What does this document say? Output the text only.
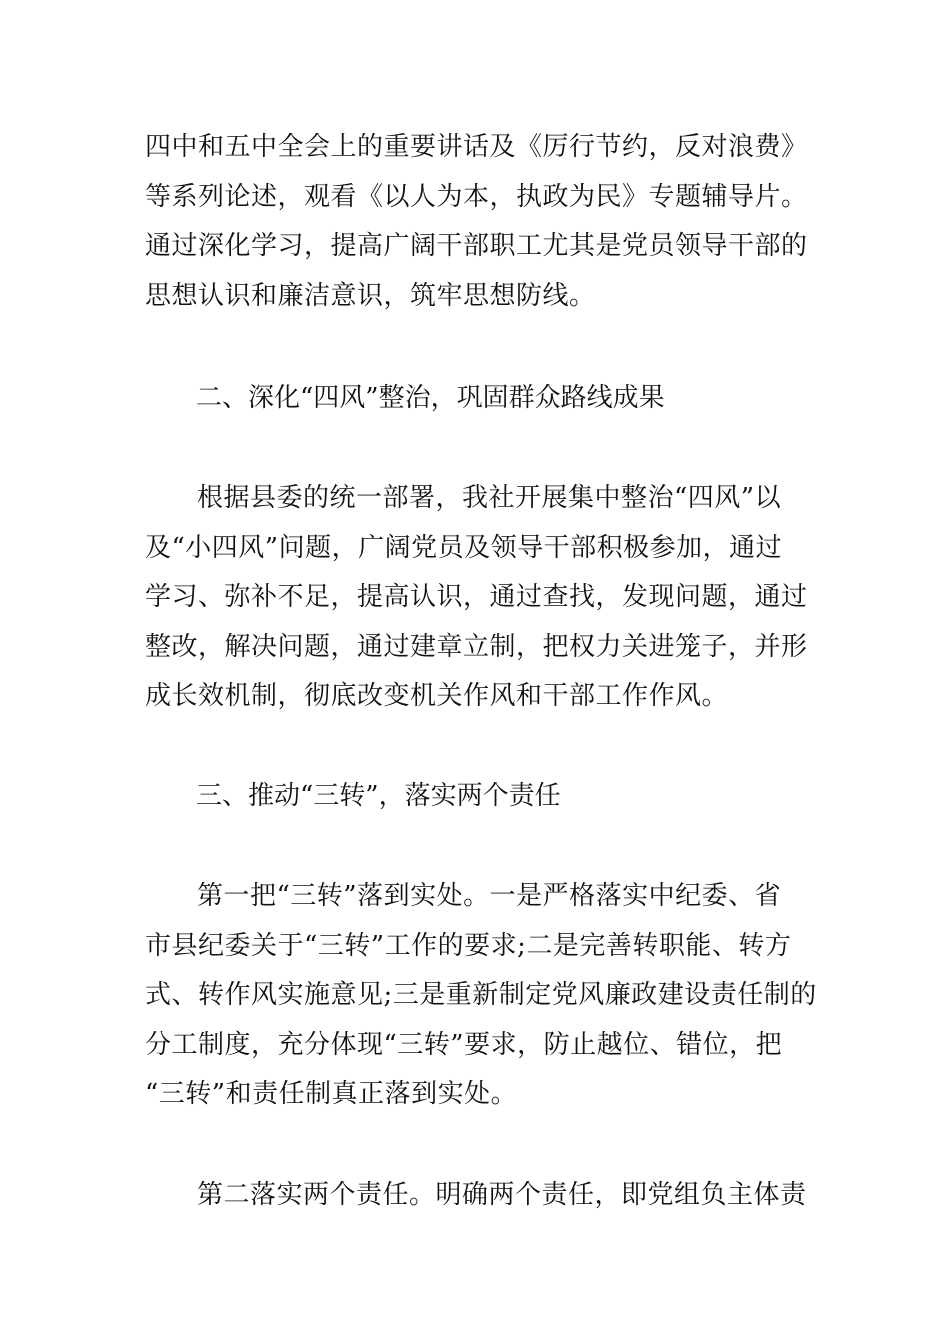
四中和五中全会上的重要讲话及《厉行节约，反对浪费》
等系列论述，观看《以人为本，执政为民》专题辅导片。
通过深化学习，提高广阔干部职工尤其是党员领导干部的
思想认识和廉洁意识，筑牢思想防线。
二、深化“四风”整治，巩固群众路线成果
根据县委的统一部署，我社开展集中整治“四风”以
及“小四风”问题，广阔党员及领导干部积极参加，通过
学习、弥补不足，提高认识，通过查找，发现问题，通过
整改，解决问题，通过建章立制，把权力关进笼子，并形
成长效机制，彻底改变机关作风和干部工作作风。
三、推动“三转”，落实两个责任
第一把“三转”落到实处。一是严格落实中纪委、省
市县纪委关于“三转”工作的要求;二是完善转职能、转方
式、转作风实施意见;三是重新制定党风廉政建设责任制的
分工制度，充分体现“三转”要求，防止越位、错位，把
“三转”和责任制真正落到实处。
第二落实两个责任。明确两个责任，即党组负主体责
